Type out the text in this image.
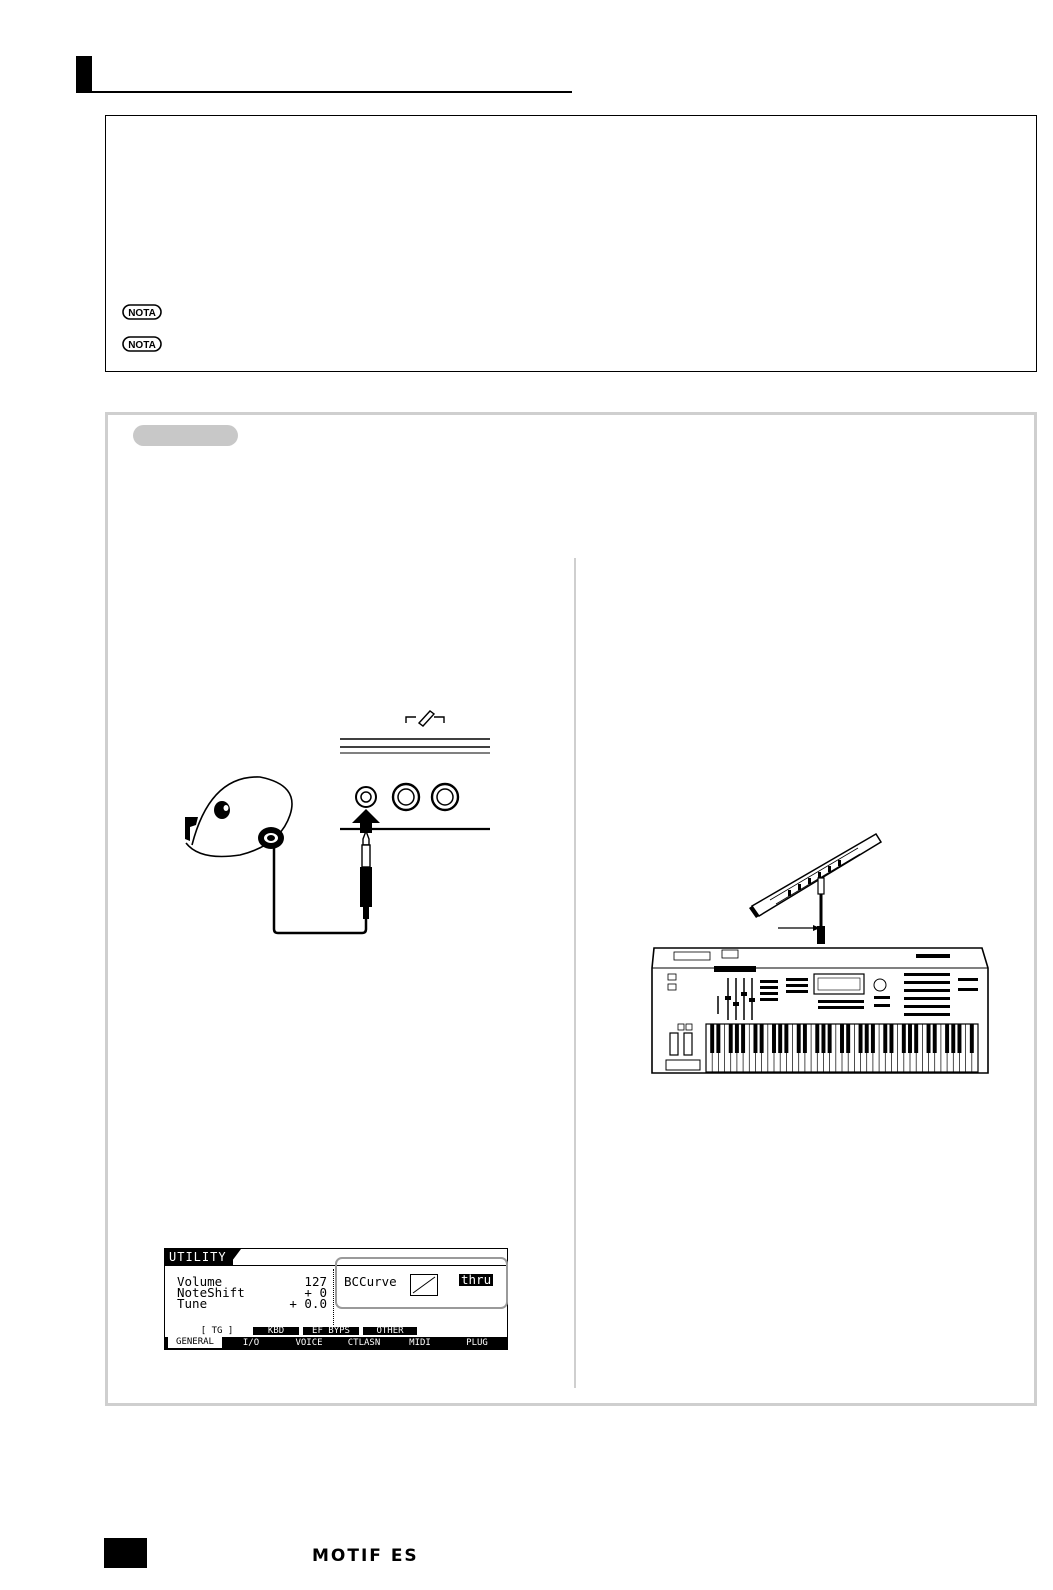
NOTA
NOTA
UTILITY
Volume	127
NoteShift	+ 0
Tune	+ 0.0
BCCurve	thru
[ TG ]	KBD	EF BYPS	OTHER
GENERAL	I/O	VOICE	CTLASN	MIDI	PLUG
MOTIF ES
